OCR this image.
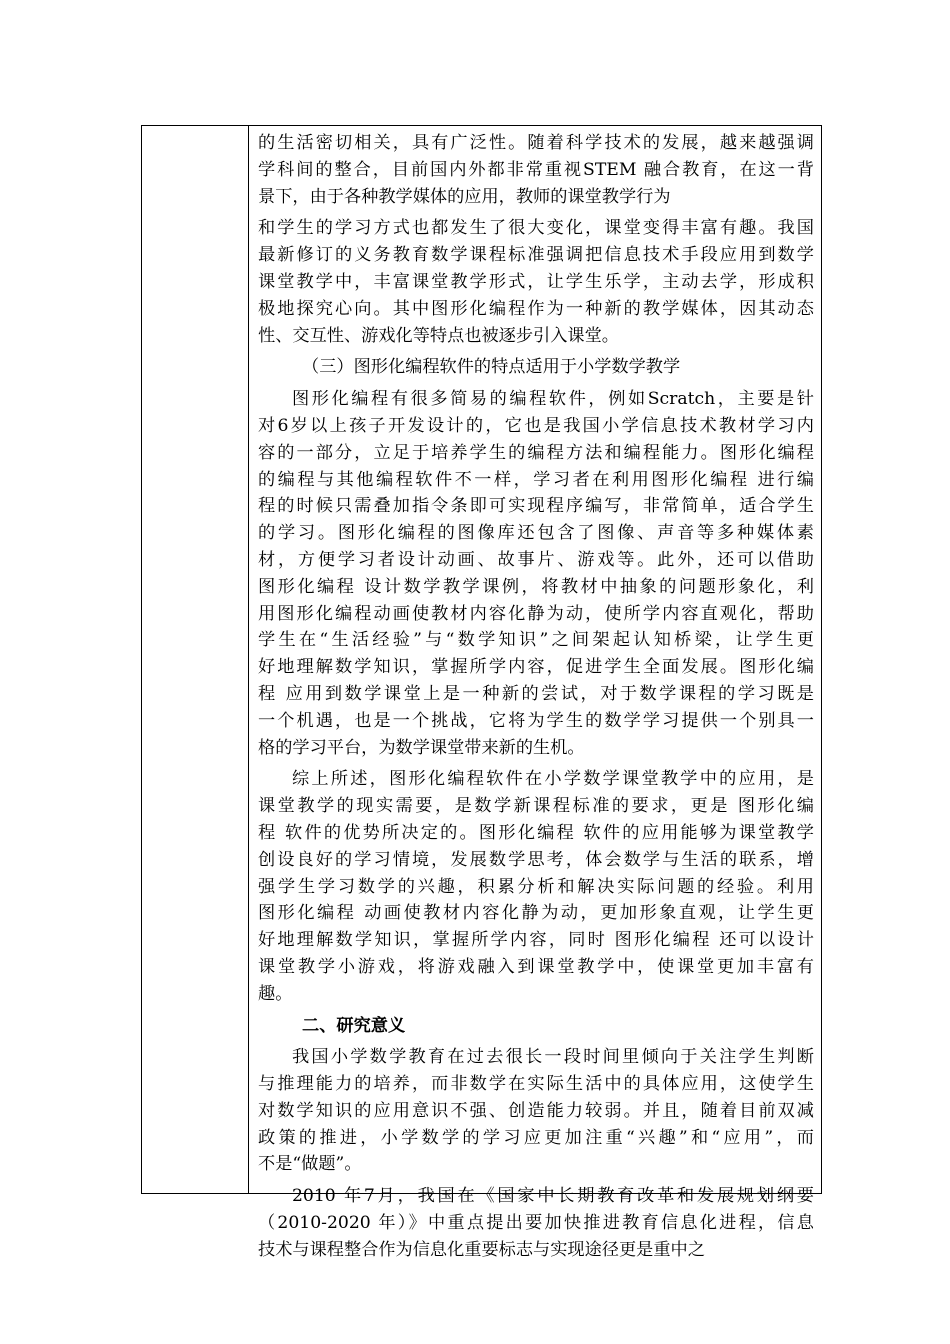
的生活密切相关，具有广泛性。随着科学技术的发展，越来越强调
学科间的整合，目前国内外都非常重视STEM 融合教育，在这一背
景下，由于各种教学媒体的应用，教师的课堂教学行为
和学生的学习方式也都发生了很大变化，课堂变得丰富有趣。我国
最新修订的义务教育数学课程标准强调把信息技术手段应用到数学
课堂教学中，丰富课堂教学形式，让学生乐学，主动去学，形成积
极地探究心向。其中图形化编程作为一种新的教学媒体，因其动态
性、交互性、游戏化等特点也被逐步引入课堂。
（三）图形化编程软件的特点适用于小学数学教学
图形化编程有很多简易的编程软件，例如Scratch，主要是针
对6岁以上孩子开发设计的，它也是我国小学信息技术教材学习内
容的一部分，立足于培养学生的编程方法和编程能力。图形化编程
的编程与其他编程软件不一样，学习者在利用图形化编程 进行编
程的时候只需叠加指令条即可实现程序编写，非常简单，适合学生
的学习。图形化编程的图像库还包含了图像、声音等多种媒体素
材，方便学习者设计动画、故事片、游戏等。此外，还可以借助
图形化编程 设计数学教学课例，将教材中抽象的问题形象化，利
用图形化编程动画使教材内容化静为动，使所学内容直观化，帮助
学生在“生活经验”与“数学知识”之间架起认知桥梁，让学生更
好地理解数学知识，掌握所学内容，促进学生全面发展。图形化编
程 应用到数学课堂上是一种新的尝试，对于数学课程的学习既是
一个机遇，也是一个挑战，它将为学生的数学学习提供一个别具一
格的学习平台，为数学课堂带来新的生机。
综上所述，图形化编程软件在小学数学课堂教学中的应用，是
课堂教学的现实需要，是数学新课程标准的要求，更是 图形化编
程 软件的优势所决定的。图形化编程 软件的应用能够为课堂教学
创设良好的学习情境，发展数学思考，体会数学与生活的联系，增
强学生学习数学的兴趣，积累分析和解决实际问题的经验。利用
图形化编程 动画使教材内容化静为动，更加形象直观，让学生更
好地理解数学知识，掌握所学内容，同时 图形化编程 还可以设计
课堂教学小游戏，将游戏融入到课堂教学中，使课堂更加丰富有
趣。
二、研究意义
我国小学数学教育在过去很长一段时间里倾向于关注学生判断
与推理能力的培养，而非数学在实际生活中的具体应用，这使学生
对数学知识的应用意识不强、创造能力较弱。并且，随着目前双减
政策的推进，小学数学的学习应更加注重“兴趣”和“应用”，而
不是“做题”。
2010 年7月，我国在《国家中长期教育改革和发展规划纲要
（2010-2020 年）》中重点提出要加快推进教育信息化进程，信息
技术与课程整合作为信息化重要标志与实现途径更是重中之
